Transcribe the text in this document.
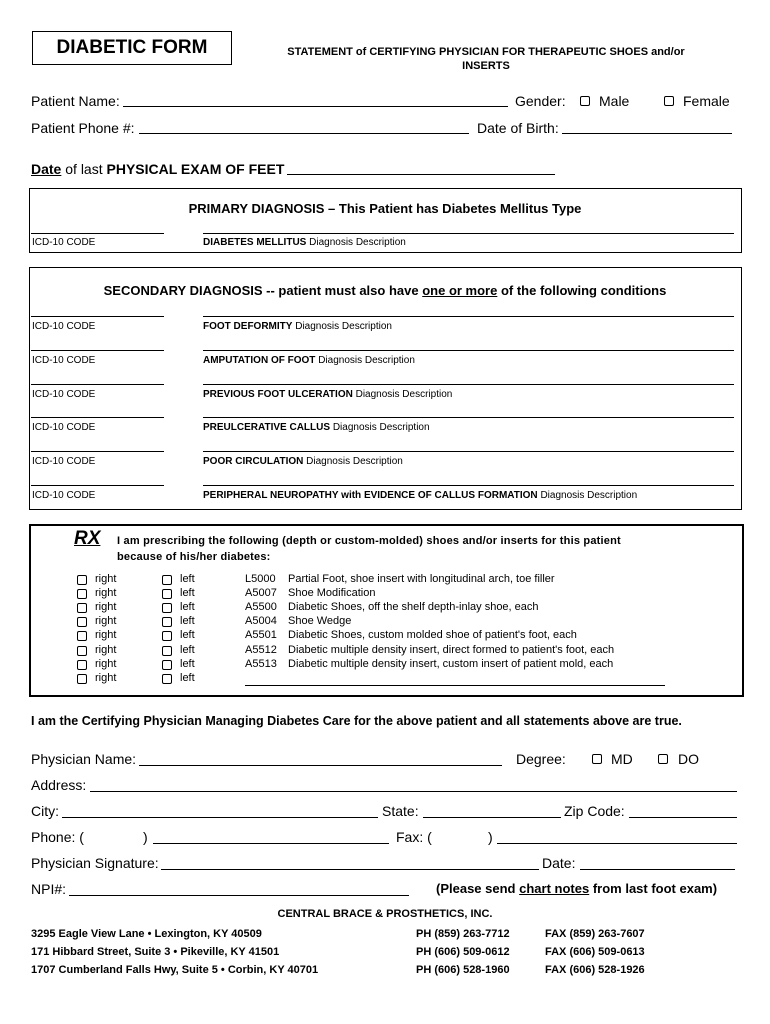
DIABETIC FORM	STATEMENT of CERTIFYING PHYSICIAN FOR THERAPEUTIC SHOES and/or
INSERTS
Patient Name:	Gender: Male	Female
Patient Phone #:	Date of Birth:
Date of last PHYSICAL EXAM OF FEET
PRIMARY DIAGNOSIS – This Patient has Diabetes Mellitus Type
ICD-10 CODE	DIABETES MELLITUS Diagnosis Description
SECONDARY DIAGNOSIS -- patient must also have one or more of the following conditions
ICD-10 CODE	FOOT DEFORMITY Diagnosis Description
ICD-10 CODE	AMPUTATION OF FOOT Diagnosis Description
ICD-10 CODE	PREVIOUS FOOT ULCERATION Diagnosis Description
ICD-10 CODE	PREULCERATIVE CALLUS Diagnosis Description
ICD-10 CODE	POOR CIRCULATION Diagnosis Description
ICD-10 CODE	PERIPHERAL NEUROPATHY with EVIDENCE OF CALLUS FORMATION Diagnosis Description
RX I am prescribing the following (depth or custom-molded) shoes and/or inserts for this patient
because of his/her diabetes:
right	left	L5000 Partial Foot, shoe insert with longitudinal arch, toe filler
right	left	A5007 Shoe Modification
right	left	A5500 Diabetic Shoes, off the shelf depth-inlay shoe, each
right	left	A5004 Shoe Wedge
right	left	A5501 Diabetic Shoes, custom molded shoe of patient's foot, each
right	left	A5512 Diabetic multiple density insert, direct formed to patient's foot, each
right	left	A5513 Diabetic multiple density insert, custom insert of patient mold, each
right	left
I am the Certifying Physician Managing Diabetes Care for the above patient and all statements above are true.
Physician Name:	Degree:	MD	DO
Address:
City:	State:	Zip Code:
Phone: (	)	Fax: (	)
Physician Signature:	Date:
NPI#:	(Please send chart notes from last foot exam)
CENTRAL BRACE & PROSTHETICS, INC.
3295 Eagle View Lane • Lexington, KY 40509	PH (859) 263-7712	FAX (859) 263-7607
171 Hibbard Street, Suite 3 • Pikeville, KY 41501	PH (606) 509-0612	FAX (606) 509-0613
1707 Cumberland Falls Hwy, Suite 5 • Corbin, KY 40701	PH (606) 528-1960	FAX (606) 528-1926
